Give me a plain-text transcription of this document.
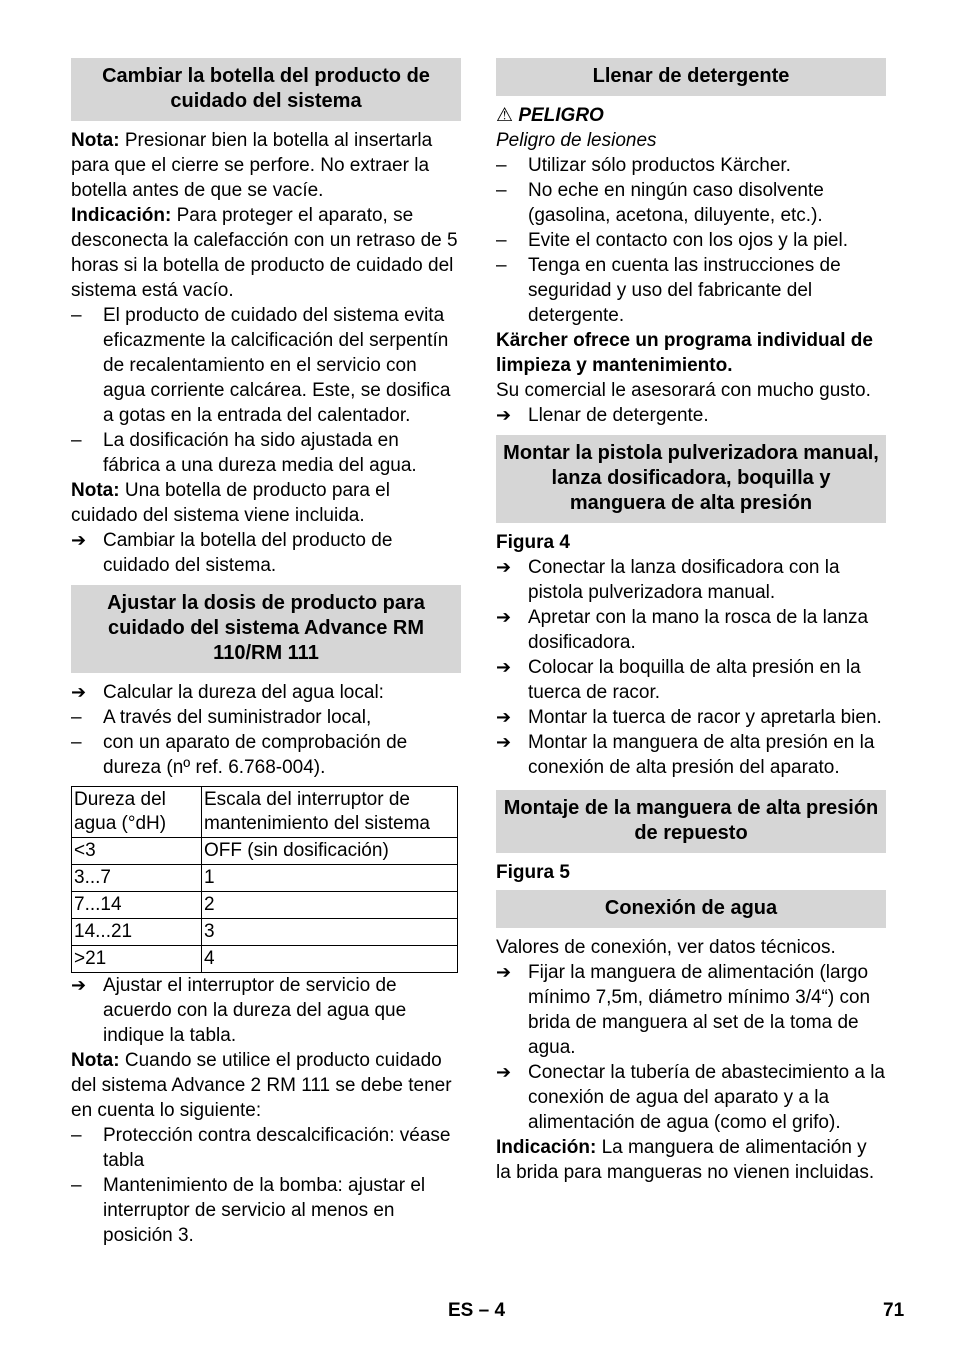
Cambiar la botella del producto de cuidado del sistema

Nota: Presionar bien la botella al insertarla para que el cierre se perfore. No extraer la botella antes de que se vacíe.

Indicación: Para proteger el aparato, se desconecta la calefacción con un retraso de 5 horas si la botella de producto de cuidado del sistema está vacío.

–	El producto de cuidado del sistema evita eficazmente la calcificación del serpentín de recalentamiento en el servicio con agua corriente calcárea. Este, se dosifica a gotas en la entrada del calentador.
–	La dosificación ha sido ajustada en fábrica a una dureza media del agua.

Nota: Una botella de producto para el cuidado del sistema viene incluida.

➔ Cambiar la botella del producto de cuidado del sistema.
Ajustar la dosis de producto para cuidado del sistema Advance RM 110/RM 111
➔ Calcular la dureza del agua local:
–	A través del suministrador local,
–	con un aparato de comprobación de dureza (nº ref. 6.768-004).
Dureza del agua (°dH)	Escala del interruptor de mantenimiento del sistema
<3	OFF (sin dosificación)
3...7	1
7...14	2
14...21	3
>21	4
➔ Ajustar el interruptor de servicio de acuerdo con la dureza del agua que indique la tabla.

Nota: Cuando se utilice el producto cuidado del sistema Advance 2 RM 111 se debe tener en cuenta lo siguiente:

–	Protección contra descalcificación: véase tabla
–	Mantenimiento de la bomba: ajustar el interruptor de servicio al menos en posición 3.
Llenar de detergente

⚠ PELIGRO

Peligro de lesiones

–	Utilizar sólo productos Kärcher.
–	No eche en ningún caso disolvente (gasolina, acetona, diluyente, etc.).
–	Evite el contacto con los ojos y la piel.
–	Tenga en cuenta las instrucciones de seguridad y uso del fabricante del detergente.

Kärcher ofrece un programa individual de limpieza y mantenimiento.

Su comercial le asesorará con mucho gusto.

➔ Llenar de detergente.
Montar la pistola pulverizadora manual, lanza dosificadora, boquilla y manguera de alta presión

Figura 4

➔ Conectar la lanza dosificadora con la pistola pulverizadora manual.
➔ Apretar con la mano la rosca de la lanza dosificadora.
➔ Colocar la boquilla de alta presión en la tuerca de racor.
➔ Montar la tuerca de racor y apretarla bien.
➔ Montar la manguera de alta presión en la conexión de alta presión del aparato.
Montaje de la manguera de alta presión de repuesto

Figura 5

Conexión de agua

Valores de conexión, ver datos técnicos.

➔ Fijar la manguera de alimentación (largo mínimo 7,5m, diámetro mínimo 3/4“) con brida de manguera al set de la toma de agua.
➔ Conectar la tubería de abastecimiento a la conexión de agua del aparato y a la alimentación de agua (como el grifo).

Indicación: La manguera de alimentación y la brida para mangueras no vienen incluidas.

ES – 4	71
